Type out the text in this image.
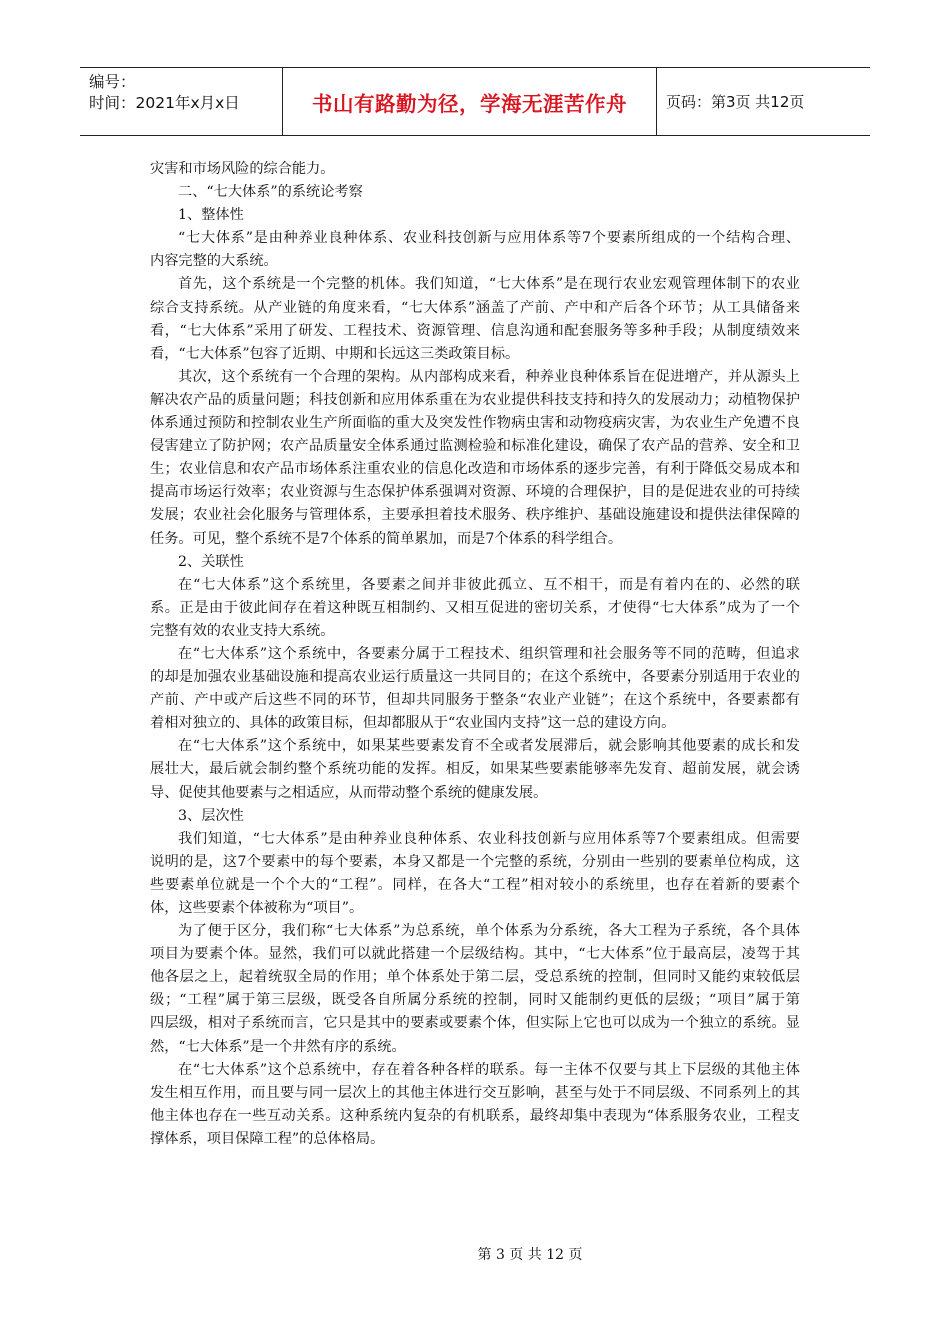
编号：
时间：2021年x月x日	书山有路勤为径，学海无涯苦作舟	页码：第3页 共12页
灾害和市场风险的综合能力。
二、“七大体系”的系统论考察
1、整体性
“七大体系”是由种养业良种体系、农业科技创新与应用体系等7个要素所组成的一个结构合理、
内容完整的大系统。
首先，这个系统是一个完整的机体。我们知道，“七大体系”是在现行农业宏观管理体制下的农业
综合支持系统。从产业链的角度来看，“七大体系”涵盖了产前、产中和产后各个环节；从工具储备来
看，“七大体系”采用了研发、工程技术、资源管理、信息沟通和配套服务等多种手段；从制度绩效来
看，“七大体系”包容了近期、中期和长远这三类政策目标。
其次，这个系统有一个合理的架构。从内部构成来看，种养业良种体系旨在促进增产，并从源头上
解决农产品的质量问题；科技创新和应用体系重在为农业提供科技支持和持久的发展动力；动植物保护
体系通过预防和控制农业生产所面临的重大及突发性作物病虫害和动物疫病灾害，为农业生产免遭不良
侵害建立了防护网；农产品质量安全体系通过监测检验和标准化建设，确保了农产品的营养、安全和卫
生；农业信息和农产品市场体系注重农业的信息化改造和市场体系的逐步完善，有利于降低交易成本和
提高市场运行效率；农业资源与生态保护体系强调对资源、环境的合理保护，目的是促进农业的可持续
发展；农业社会化服务与管理体系，主要承担着技术服务、秩序维护、基础设施建设和提供法律保障的
任务。可见，整个系统不是7个体系的简单累加，而是7个体系的科学组合。
2、关联性
在“七大体系”这个系统里，各要素之间并非彼此孤立、互不相干，而是有着内在的、必然的联
系。正是由于彼此间存在着这种既互相制约、又相互促进的密切关系，才使得“七大体系”成为了一个
完整有效的农业支持大系统。
在“七大体系”这个系统中，各要素分属于工程技术、组织管理和社会服务等不同的范畴，但追求
的却是加强农业基础设施和提高农业运行质量这一共同目的；在这个系统中，各要素分别适用于农业的
产前、产中或产后这些不同的环节，但却共同服务于整条“农业产业链”；在这个系统中，各要素都有
着相对独立的、具体的政策目标，但却都服从于“农业国内支持”这一总的建设方向。
在“七大体系”这个系统中，如果某些要素发育不全或者发展滞后，就会影响其他要素的成长和发
展壮大，最后就会制约整个系统功能的发挥。相反，如果某些要素能够率先发育、超前发展，就会诱
导、促使其他要素与之相适应，从而带动整个系统的健康发展。
3、层次性
我们知道，“七大体系”是由种养业良种体系、农业科技创新与应用体系等7个要素组成。但需要
说明的是，这7个要素中的每个要素，本身又都是一个完整的系统，分别由一些别的要素单位构成，这
些要素单位就是一个个大的“工程”。同样，在各大“工程”相对较小的系统里，也存在着新的要素个
体，这些要素个体被称为“项目”。
为了便于区分，我们称“七大体系”为总系统，单个体系为分系统，各大工程为子系统，各个具体
项目为要素个体。显然，我们可以就此搭建一个层级结构。其中，“七大体系”位于最高层，凌驾于其
他各层之上，起着统驭全局的作用；单个体系处于第二层，受总系统的控制，但同时又能约束较低层
级；“工程”属于第三层级，既受各自所属分系统的控制，同时又能制约更低的层级；“项目”属于第
四层级，相对子系统而言，它只是其中的要素或要素个体，但实际上它也可以成为一个独立的系统。显
然，“七大体系”是一个井然有序的系统。
在“七大体系”这个总系统中，存在着各种各样的联系。每一主体不仅要与其上下层级的其他主体
发生相互作用，而且要与同一层次上的其他主体进行交互影响，甚至与处于不同层级、不同系列上的其
他主体也存在一些互动关系。这种系统内复杂的有机联系，最终却集中表现为“体系服务农业，工程支
撑体系，项目保障工程”的总体格局。
第 3 页 共 12 页
